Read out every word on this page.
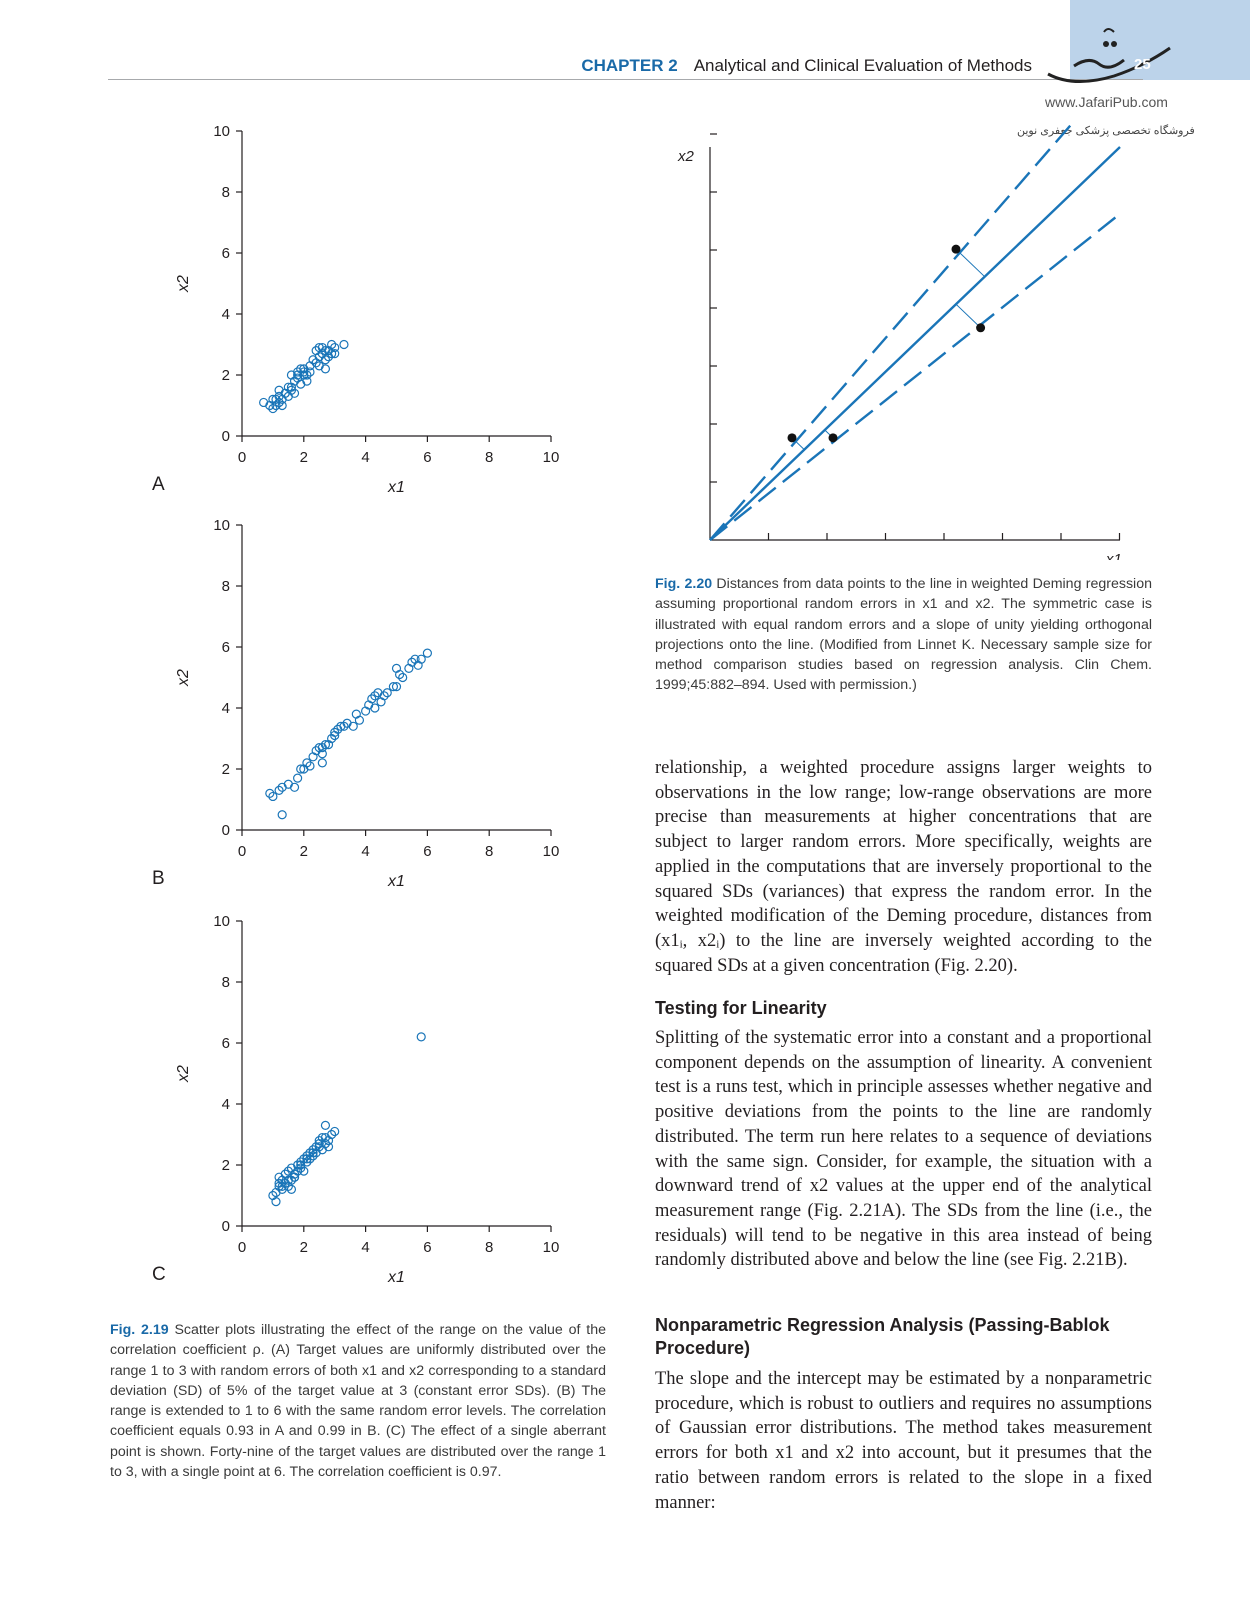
CHAPTER 2 Analytical and Clinical Evaluation of Methods	25
www.JafariPub.com
فروشگاه تخصصی پزشکی جعفری نوین
0	2	4	6	8	10
0
2
4
6
8
10
x1
x2
A
0	2	4	6	8	10
0
2
4
6
8
10
x1
x2
B
0	2	4	6	8	10
0
2
4
6
8
10
x1
x2
C
Fig. 2.19 Scatter plots illustrating the effect of the range on the value of the correlation coefficient ρ. (A) Target values are uniformly distributed over the range 1 to 3 with random errors of both x1 and x2 corresponding to a standard deviation (SD) of 5% of the target value at 3 (constant error SDs). (B) The range is extended to 1 to 6 with the same random error levels. The correlation coefficient equals 0.93 in A and 0.99 in B. (C) The effect of a single aberrant point is shown. Forty-nine of the target values are distributed over the range 1 to 3, with a single point at 6. The correlation coefficient is 0.97.
x1
x2
Fig. 2.20 Distances from data points to the line in weighted Deming regression assuming proportional random errors in x1 and x2. The symmetric case is illustrated with equal random errors and a slope of unity yielding orthogonal projections onto the line. (Modified from Linnet K. Necessary sample size for method comparison studies based on regression analysis. Clin Chem. 1999;45:882–894. Used with permission.)
relationship, a weighted procedure assigns larger weights to observations in the low range; low-range observations are more precise than measurements at higher concentrations that are subject to larger random errors. More specifically, weights are applied in the computations that are inversely proportional to the squared SDs (variances) that express the random error. In the weighted modification of the Deming procedure, distances from (x1ᵢ, x2ᵢ) to the line are inversely weighted according to the squared SDs at a given concentration (Fig. 2.20).
Testing for Linearity
Splitting of the systematic error into a constant and a proportional component depends on the assumption of linearity. A convenient test is a runs test, which in principle assesses whether negative and positive deviations from the points to the line are randomly distributed. The term run here relates to a sequence of deviations with the same sign. Consider, for example, the situation with a downward trend of x2 values at the upper end of the analytical measurement range (Fig. 2.21A). The SDs from the line (i.e., the residuals) will tend to be negative in this area instead of being randomly distributed above and below the line (see Fig. 2.21B).
Nonparametric Regression Analysis (Passing-Bablok Procedure)
The slope and the intercept may be estimated by a nonparametric procedure, which is robust to outliers and requires no assumptions of Gaussian error distributions. The method takes measurement errors for both x1 and x2 into account, but it presumes that the ratio between random errors is related to the slope in a fixed manner:
